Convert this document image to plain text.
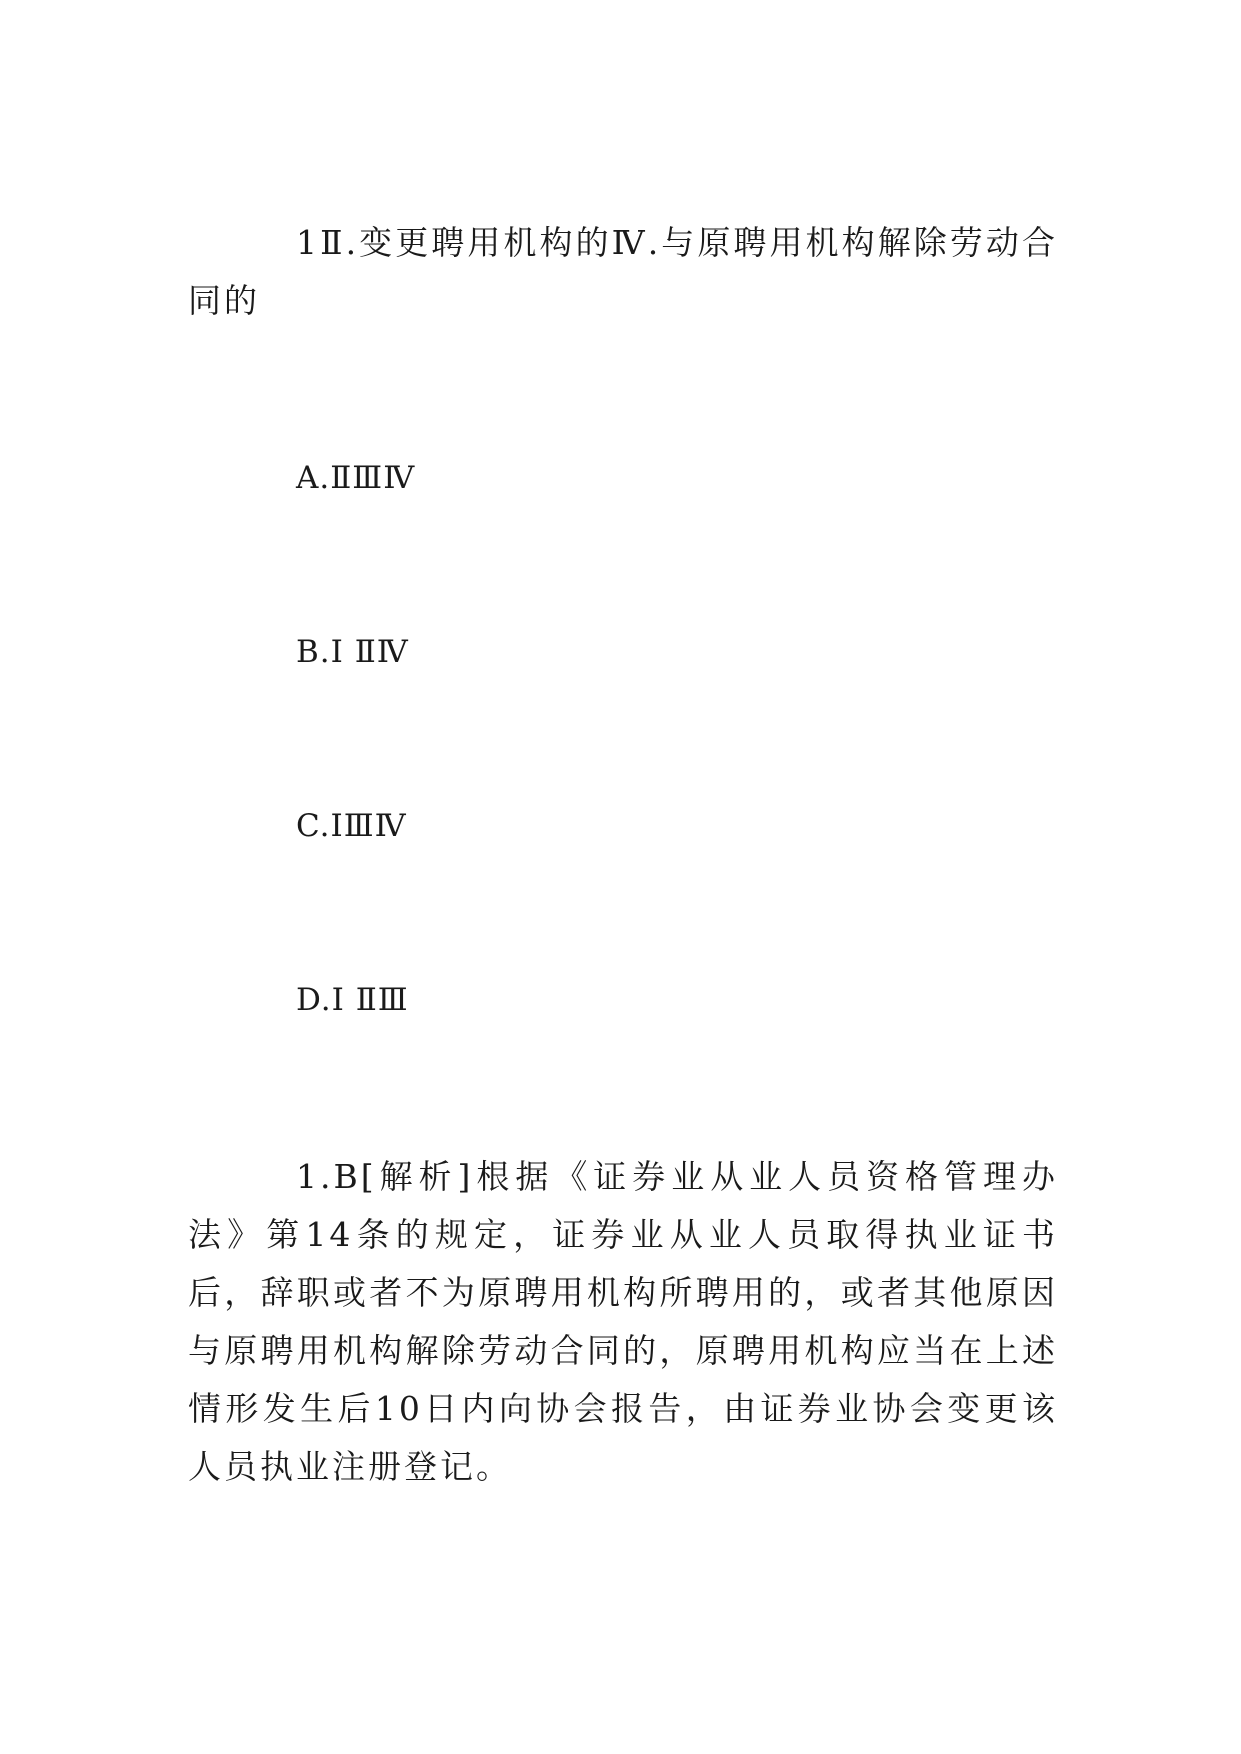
1Ⅱ.变更聘用机构的Ⅳ.与原聘用机构解除劳动合同的

A.ⅡⅢⅣ

B.Ⅰ ⅡⅣ

C.ⅠⅢⅣ

D.Ⅰ ⅡⅢ

1.B[解析]根据《证券业从业人员资格管理办法》第14条的规定，证券业从业人员取得执业证书后，辞职或者不为原聘用机构所聘用的，或者其他原因与原聘用机构解除劳动合同的，原聘用机构应当在上述情形发生后10日内向协会报告，由证券业协会变更该人员执业注册登记。
